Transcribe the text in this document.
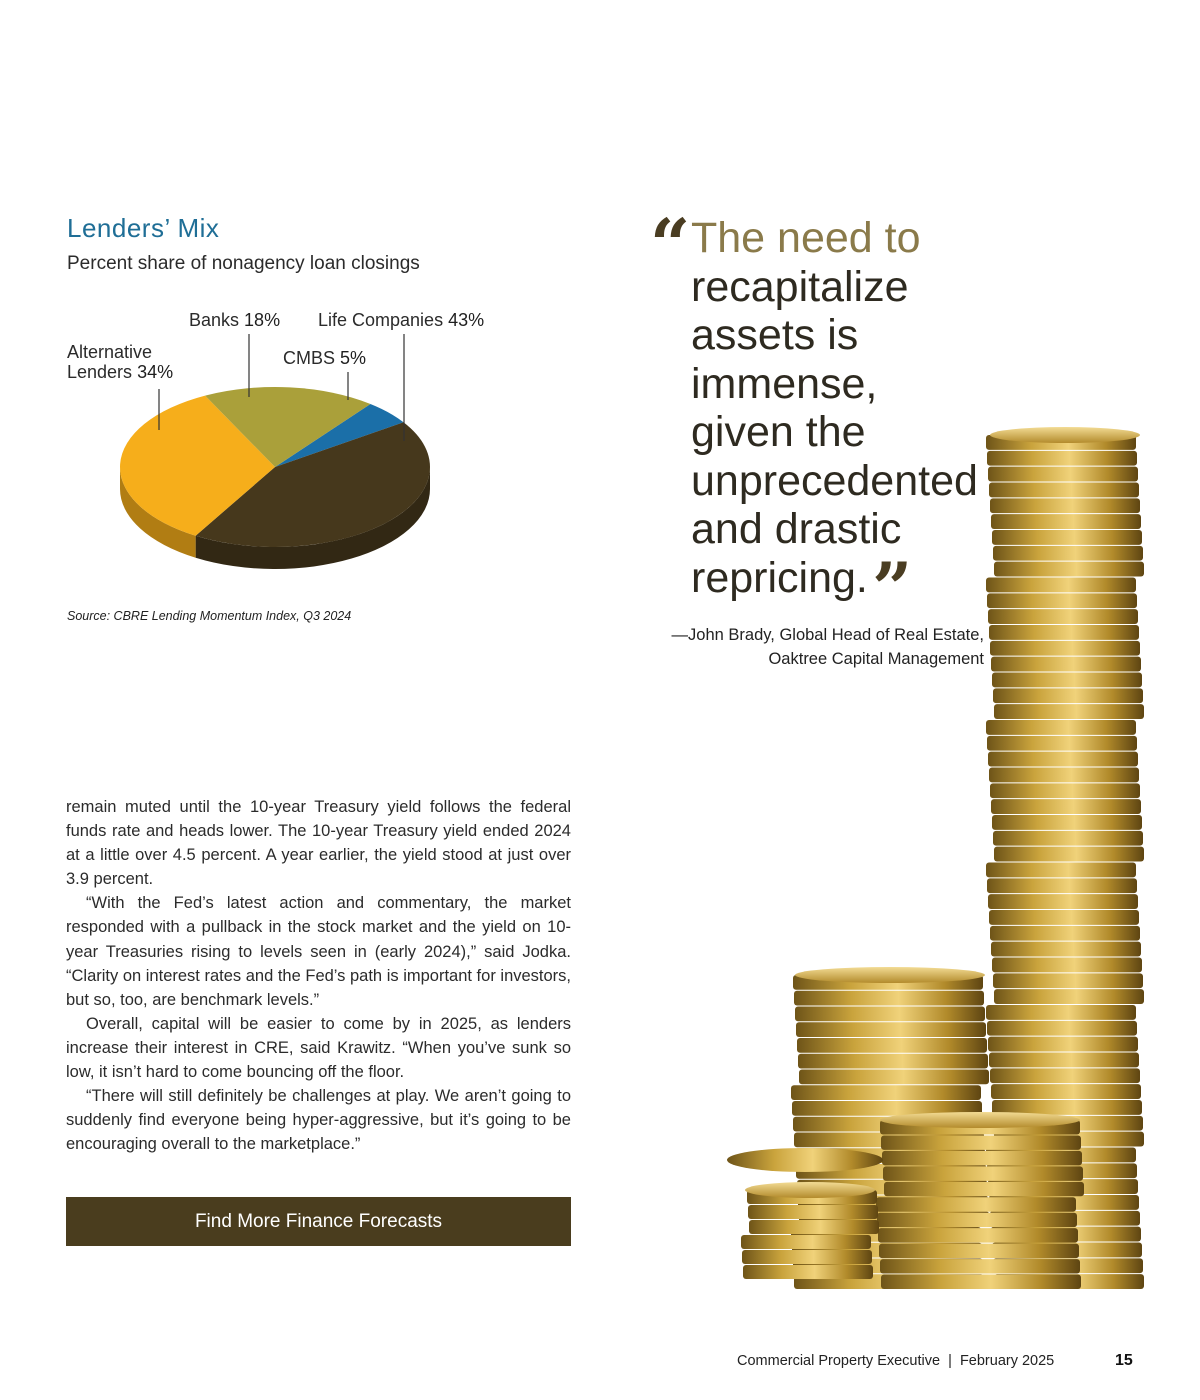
Lenders’ Mix
Percent share of nonagency loan closings
Banks 18% Life Companies 43%
Alternative
Lenders 34%
CMBS 5%
Source: CBRE Lending Momentum Index, Q3 2024
“ The need to
recapitalize
assets is
immense,
given the
unprecedented
and drastic
repricing. ”
—John Brady, Global Head of Real Estate,
Oaktree Capital Management

remain muted until the 10-year Treasury yield follows the federal funds rate and heads lower. The 10-year Treasury yield ended 2024 at a little over 4.5 percent. A year earlier, the yield stood at just over 3.9 percent.

“With the Fed’s latest action and commentary, the market responded with a pullback in the stock market and the yield on 10-year Treasuries rising to levels seen in (early 2024),” said Jodka. “Clarity on interest rates and the Fed’s path is important for investors, but so, too, are benchmark levels.”

Overall, capital will be easier to come by in 2025, as lenders increase their interest in CRE, said Krawitz. “When you’ve sunk so low, it isn’t hard to come bouncing off the floor.

“There will still definitely be challenges at play. We aren’t going to suddenly find everyone being hyper-aggressive, but it’s going to be encouraging overall to the marketplace.”

Find More Finance Forecasts
Commercial Property Executive  |  February 2025	15
